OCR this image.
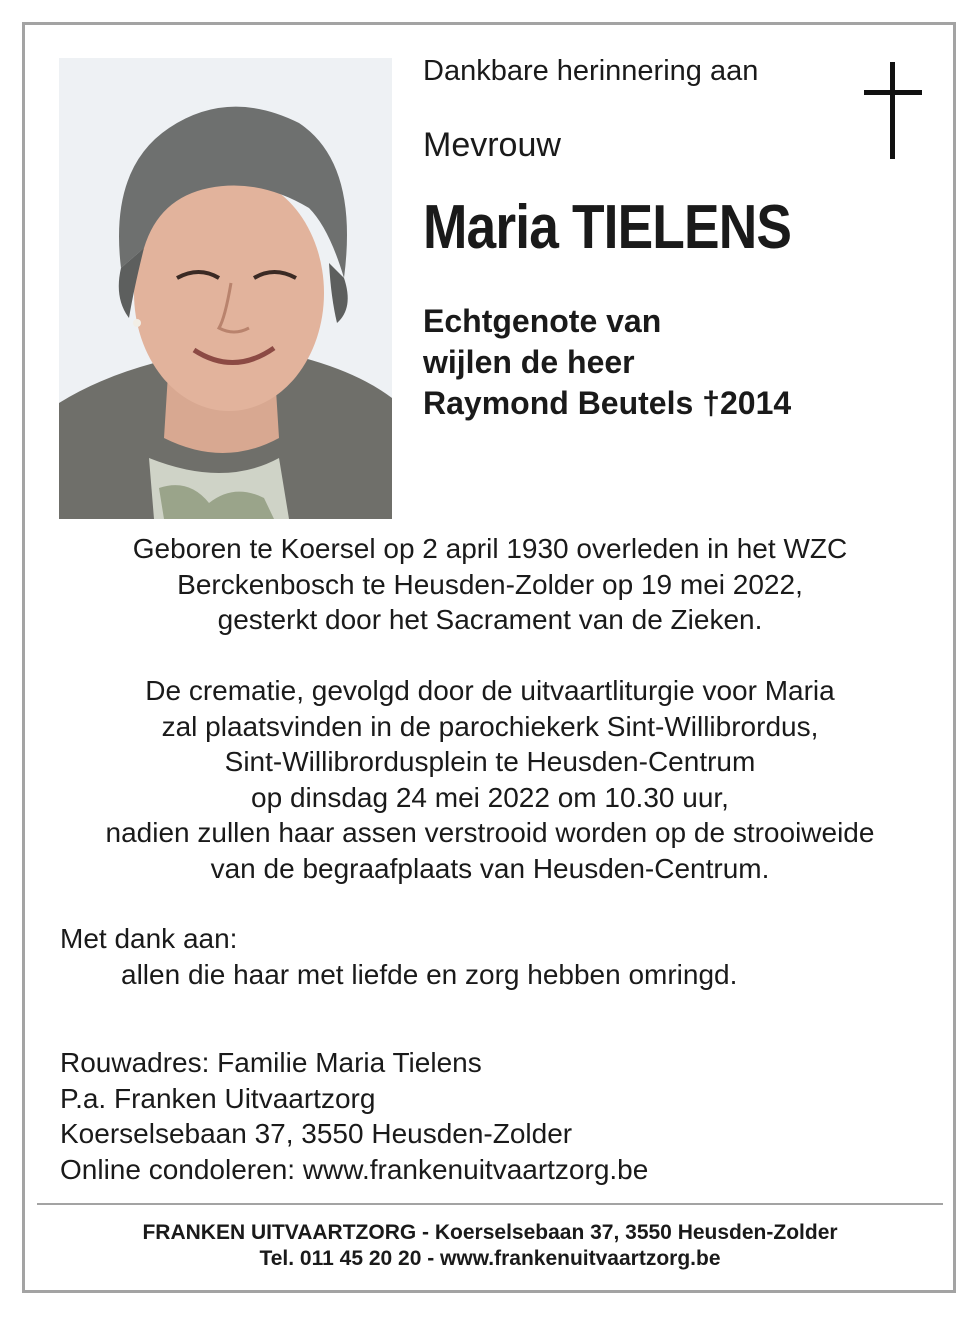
Dankbare herinnering aan
Mevrouw
Maria TIELENS
Echtgenote van
wijlen de heer
Raymond Beutels †2014
Geboren te Koersel op 2 april 1930 overleden in het WZC
Berckenbosch te Heusden-Zolder op 19 mei 2022,
gesterkt door het Sacrament van de Zieken.
De crematie, gevolgd door de uitvaartliturgie voor Maria
zal plaatsvinden in de parochiekerk Sint-Willibrordus,
Sint-Willibrordusplein te Heusden-Centrum
op dinsdag 24 mei 2022 om 10.30 uur,
nadien zullen haar assen verstrooid worden op de strooiweide
van de begraafplaats van Heusden-Centrum.
Met dank aan:
allen die haar met liefde en zorg hebben omringd.
Rouwadres: Familie Maria Tielens
P.a. Franken Uitvaartzorg
Koerselsebaan 37, 3550 Heusden-Zolder
Online condoleren: www.frankenuitvaartzorg.be
FRANKEN UITVAARTZORG - Koerselsebaan 37, 3550 Heusden-Zolder
Tel. 011 45 20 20 - www.frankenuitvaartzorg.be
